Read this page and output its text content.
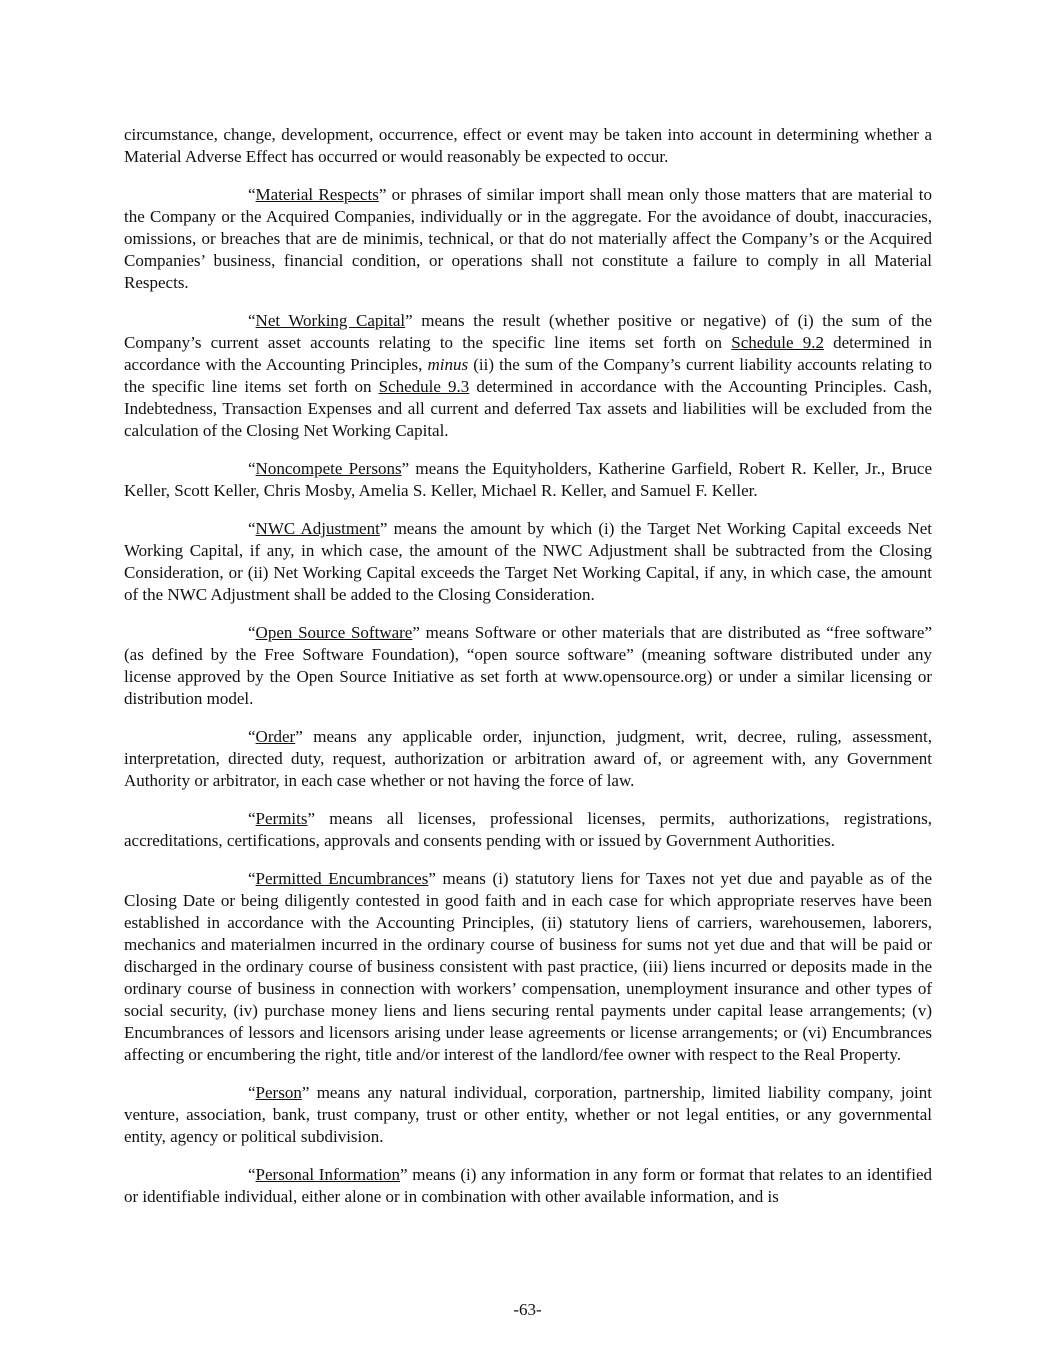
circumstance, change, development, occurrence, effect or event may be taken into account in determining whether a Material Adverse Effect has occurred or would reasonably be expected to occur.

“Material Respects” or phrases of similar import shall mean only those matters that are material to the Company or the Acquired Companies, individually or in the aggregate. For the avoidance of doubt, inaccuracies, omissions, or breaches that are de minimis, technical, or that do not materially affect the Company’s or the Acquired Companies’ business, financial condition, or operations shall not constitute a failure to comply in all Material Respects.

“Net Working Capital” means the result (whether positive or negative) of (i) the sum of the Company’s current asset accounts relating to the specific line items set forth on Schedule 9.2 determined in accordance with the Accounting Principles, minus (ii) the sum of the Company’s current liability accounts relating to the specific line items set forth on Schedule 9.3 determined in accordance with the Accounting Principles. Cash, Indebtedness, Transaction Expenses and all current and deferred Tax assets and liabilities will be excluded from the calculation of the Closing Net Working Capital.

“Noncompete Persons” means the Equityholders, Katherine Garfield, Robert R. Keller, Jr., Bruce Keller, Scott Keller, Chris Mosby, Amelia S. Keller, Michael R. Keller, and Samuel F. Keller.

“NWC Adjustment” means the amount by which (i) the Target Net Working Capital exceeds Net Working Capital, if any, in which case, the amount of the NWC Adjustment shall be subtracted from the Closing Consideration, or (ii) Net Working Capital exceeds the Target Net Working Capital, if any, in which case, the amount of the NWC Adjustment shall be added to the Closing Consideration.

“Open Source Software” means Software or other materials that are distributed as “free software” (as defined by the Free Software Foundation), “open source software” (meaning software distributed under any license approved by the Open Source Initiative as set forth at www.opensource.org) or under a similar licensing or distribution model.

“Order” means any applicable order, injunction, judgment, writ, decree, ruling, assessment, interpretation, directed duty, request, authorization or arbitration award of, or agreement with, any Government Authority or arbitrator, in each case whether or not having the force of law.

“Permits” means all licenses, professional licenses, permits, authorizations, registrations, accreditations, certifications, approvals and consents pending with or issued by Government Authorities.

“Permitted Encumbrances” means (i) statutory liens for Taxes not yet due and payable as of the Closing Date or being diligently contested in good faith and in each case for which appropriate reserves have been established in accordance with the Accounting Principles, (ii) statutory liens of carriers, warehousemen, laborers, mechanics and materialmen incurred in the ordinary course of business for sums not yet due and that will be paid or discharged in the ordinary course of business consistent with past practice, (iii) liens incurred or deposits made in the ordinary course of business in connection with workers’ compensation, unemployment insurance and other types of social security, (iv) purchase money liens and liens securing rental payments under capital lease arrangements; (v) Encumbrances of lessors and licensors arising under lease agreements or license arrangements; or (vi) Encumbrances affecting or encumbering the right, title and/or interest of the landlord/fee owner with respect to the Real Property.

“Person” means any natural individual, corporation, partnership, limited liability company, joint venture, association, bank, trust company, trust or other entity, whether or not legal entities, or any governmental entity, agency or political subdivision.

“Personal Information” means (i) any information in any form or format that relates to an identified or identifiable individual, either alone or in combination with other available information, and is

-63-
